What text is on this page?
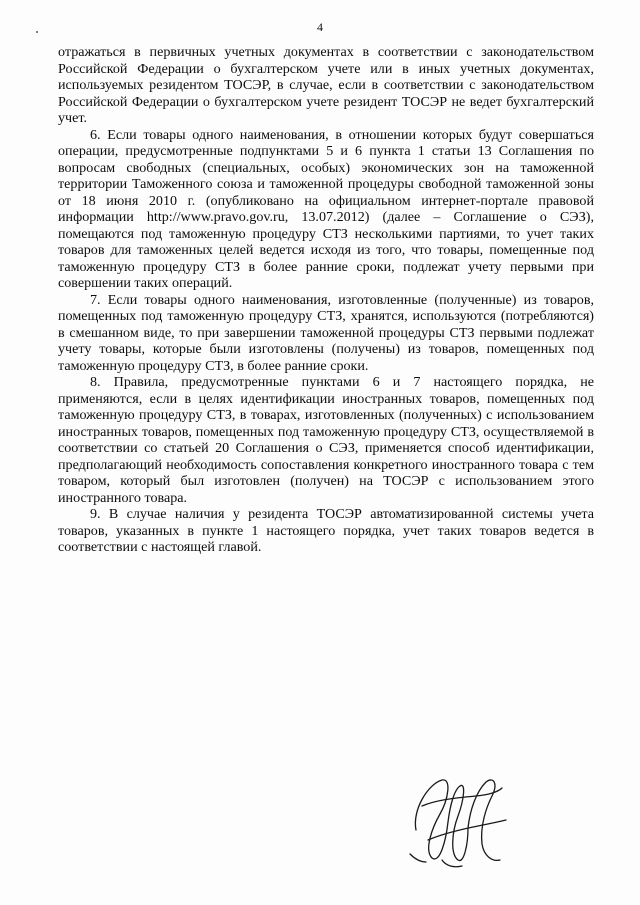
4

отражаться в первичных учетных документах в соответствии с законодательством Российской Федерации о бухгалтерском учете или в иных учетных документах, используемых резидентом ТОСЭР, в случае, если в соответствии с законодательством Российской Федерации о бухгалтерском учете резидент ТОСЭР не ведет бухгалтерский учет.

6. Если товары одного наименования, в отношении которых будут совершаться операции, предусмотренные подпунктами 5 и 6 пункта 1 статьи 13 Соглашения по вопросам свободных (специальных, особых) экономических зон на таможенной территории Таможенного союза и таможенной процедуры свободной таможенной зоны от 18 июня 2010 г. (опубликовано на официальном интернет-портале правовой информации http://www.pravo.gov.ru, 13.07.2012) (далее – Соглашение о СЭЗ), помещаются под таможенную процедуру СТЗ несколькими партиями, то учет таких товаров для таможенных целей ведется исходя из того, что товары, помещенные под таможенную процедуру СТЗ в более ранние сроки, подлежат учету первыми при совершении таких операций.

7. Если товары одного наименования, изготовленные (полученные) из товаров, помещенных под таможенную процедуру СТЗ, хранятся, используются (потребляются) в смешанном виде, то при завершении таможенной процедуры СТЗ первыми подлежат учету товары, которые были изготовлены (получены) из товаров, помещенных под таможенную процедуру СТЗ, в более ранние сроки.

8. Правила, предусмотренные пунктами 6 и 7 настоящего порядка, не применяются, если в целях идентификации иностранных товаров, помещенных под таможенную процедуру СТЗ, в товарах, изготовленных (полученных) с использованием иностранных товаров, помещенных под таможенную процедуру СТЗ, осуществляемой в соответствии со статьей 20 Соглашения о СЭЗ, применяется способ идентификации, предполагающий необходимость сопоставления конкретного иностранного товара с тем товаром, который был изготовлен (получен) на ТОСЭР с использованием этого иностранного товара.

9. В случае наличия у резидента ТОСЭР автоматизированной системы учета товаров, указанных в пункте 1 настоящего порядка, учет таких товаров ведется в соответствии с настоящей главой.
